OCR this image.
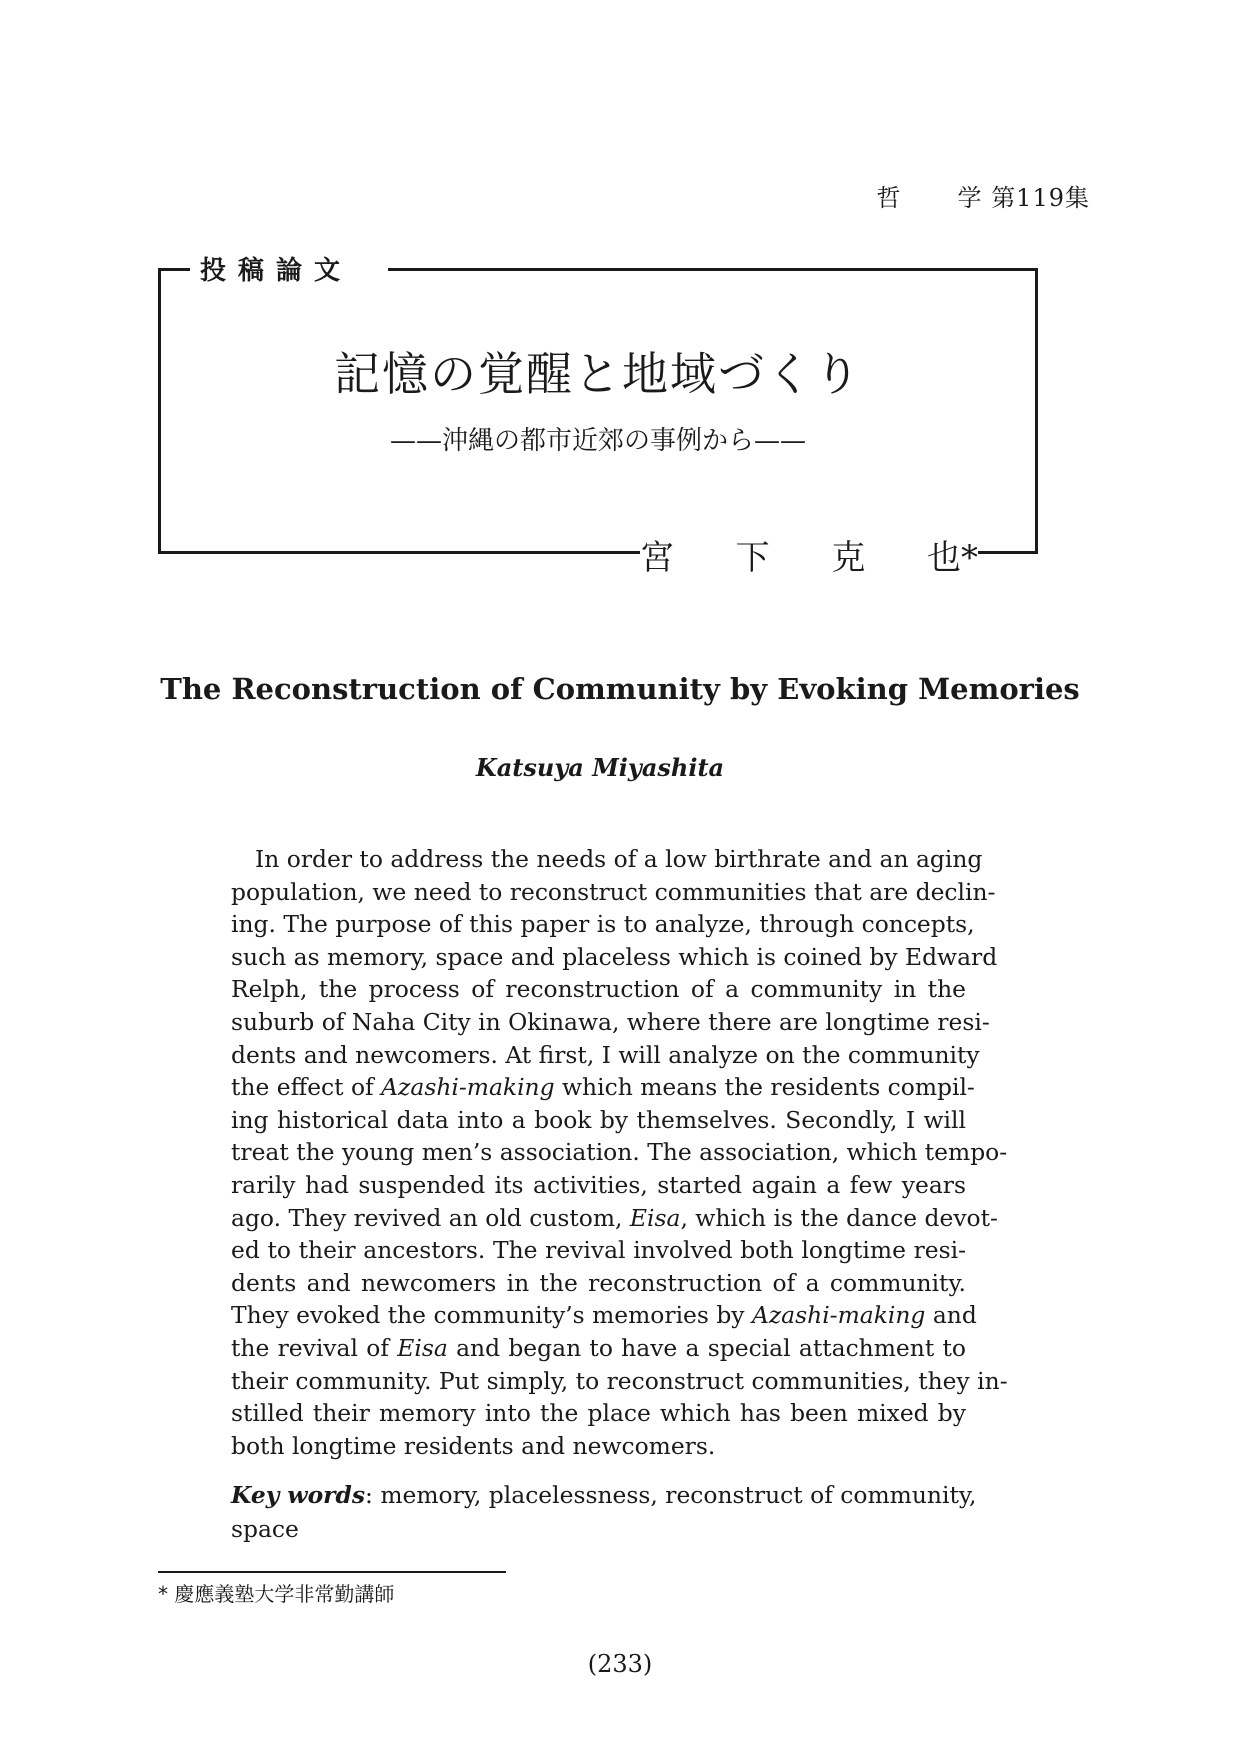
哲 学 第119集
投稿論文
記憶の覚醒と地域づくり
——沖縄の都市近郊の事例から——
宮 下 克 也*
The Reconstruction of Community by Evoking Memories
Katsuya Miyashita
In order to address the needs of a low birthrate and an aging
population, we need to reconstruct communities that are declin-
ing. The purpose of this paper is to analyze, through concepts,
such as memory, space and placeless which is coined by Edward
Relph, the process of reconstruction of a community in the
suburb of Naha City in Okinawa, where there are longtime resi-
dents and newcomers. At first, I will analyze on the community
the effect of Azashi-making which means the residents compil-
ing historical data into a book by themselves. Secondly, I will
treat the young men’s association. The association, which tempo-
rarily had suspended its activities, started again a few years
ago. They revived an old custom, Eisa, which is the dance devot-
ed to their ancestors. The revival involved both longtime resi-
dents and newcomers in the reconstruction of a community.
They evoked the community’s memories by Azashi-making and
the revival of Eisa and began to have a special attachment to
their community. Put simply, to reconstruct communities, they in-
stilled their memory into the place which has been mixed by
both longtime residents and newcomers.
Key words: memory, placelessness, reconstruct of community,
space
* 慶應義塾大学非常勤講師
(233)
